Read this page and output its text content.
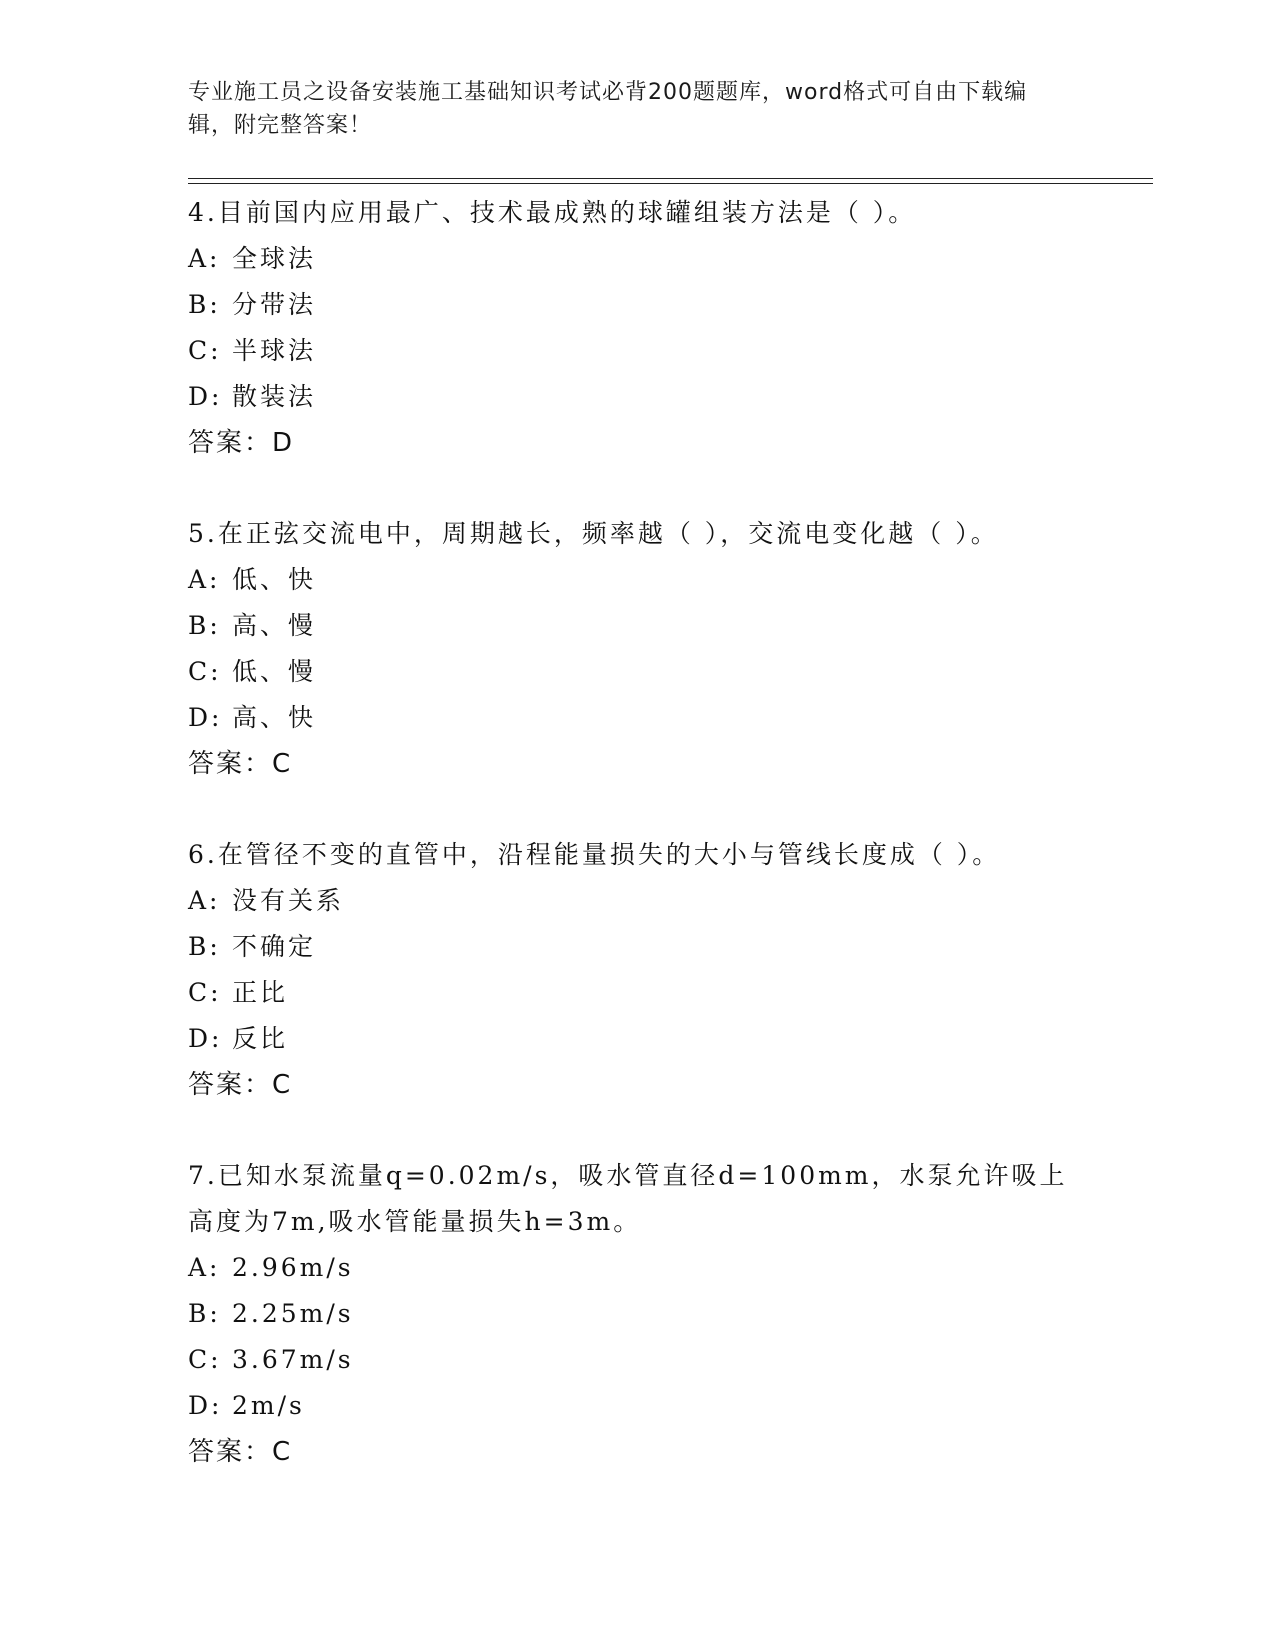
专业施工员之设备安装施工基础知识考试必背200题题库，word格式可自由下载编辑，附完整答案！
4.目前国内应用最广、技术最成熟的球罐组装方法是（ ）。
A: 全球法
B: 分带法
C: 半球法
D: 散装法
答案：D
5.在正弦交流电中，周期越长，频率越（ ），交流电变化越（ ）。
A: 低、快
B: 高、慢
C: 低、慢
D: 高、快
答案：C
6.在管径不变的直管中，沿程能量损失的大小与管线长度成（ ）。
A: 没有关系
B: 不确定
C: 正比
D: 反比
答案：C
7.已知水泵流量q=0.02m/s，吸水管直径d=100mm，水泵允许吸上高度为7m,吸水管能量损失h=3m。
A: 2.96m/s
B: 2.25m/s
C: 3.67m/s
D: 2m/s
答案：C
